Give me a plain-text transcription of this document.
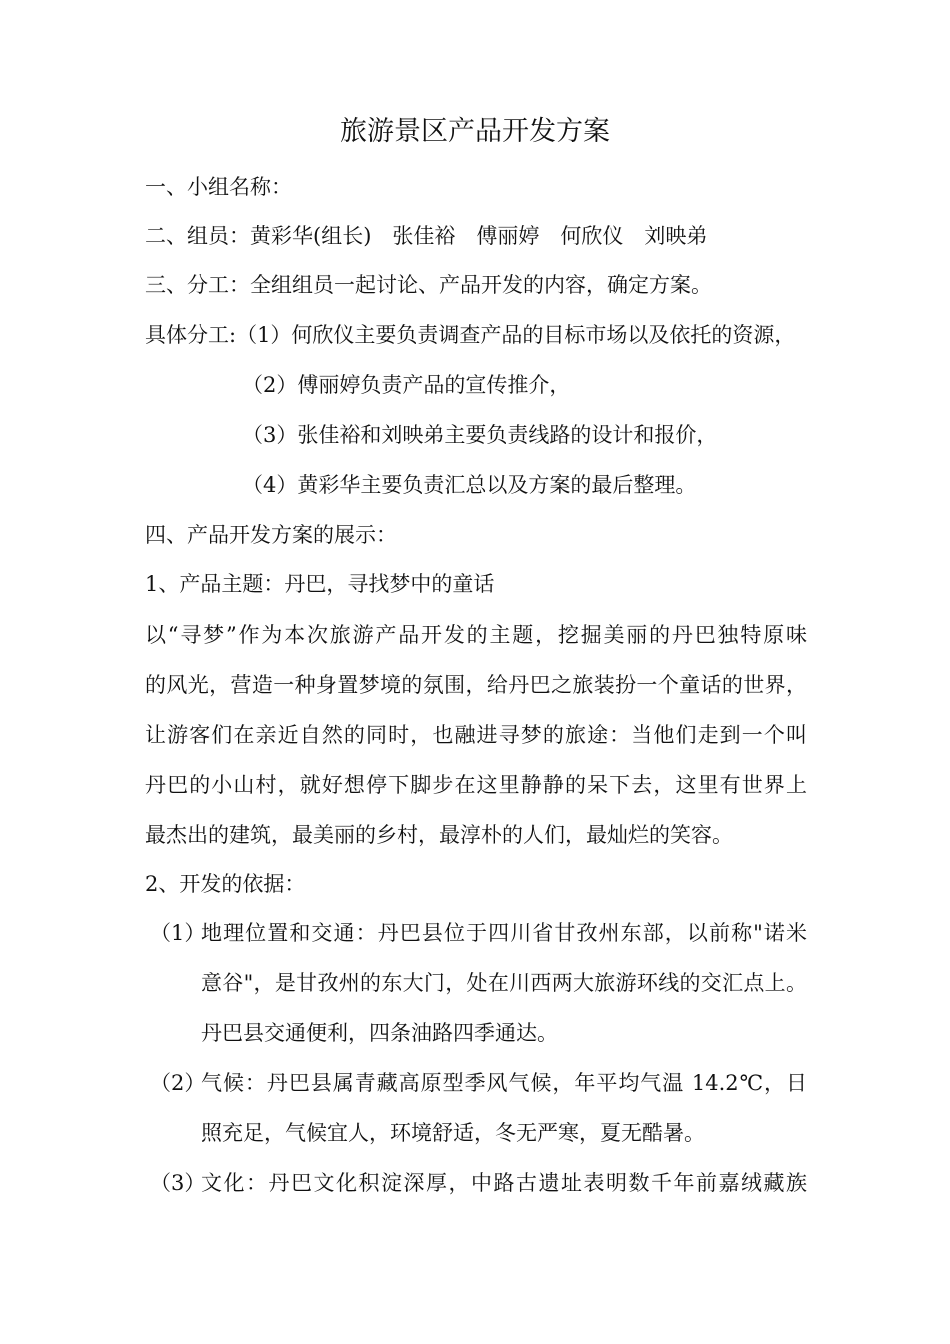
旅游景区产品开发方案
一、小组名称：
二、组员：黄彩华(组长)　张佳裕　傅丽婷　何欣仪　刘映弟
三、分工：全组组员一起讨论、产品开发的内容，确定方案。
具体分工:（1）何欣仪主要负责调查产品的目标市场以及依托的资源，
（2）傅丽婷负责产品的宣传推介，
（3）张佳裕和刘映弟主要负责线路的设计和报价，
（4）黄彩华主要负责汇总以及方案的最后整理。
四、产品开发方案的展示：
1、产品主题：丹巴，寻找梦中的童话
以“寻梦”作为本次旅游产品开发的主题，挖掘美丽的丹巴独特原味
的风光，营造一种身置梦境的氛围，给丹巴之旅装扮一个童话的世界，
让游客们在亲近自然的同时，也融进寻梦的旅途：当他们走到一个叫
丹巴的小山村，就好想停下脚步在这里静静的呆下去，这里有世界上
最杰出的建筑，最美丽的乡村，最淳朴的人们，最灿烂的笑容。
2、开发的依据：
（1）
地理位置和交通：丹巴县位于四川省甘孜州东部，以前称"诺米
意谷"，是甘孜州的东大门，处在川西两大旅游环线的交汇点上。
丹巴县交通便利，四条油路四季通达。
（2）
气候：丹巴县属青藏高原型季风气候，年平均气温 14.2℃，日
照充足，气候宜人，环境舒适，冬无严寒，夏无酷暑。
（3）
文化：丹巴文化积淀深厚，中路古遗址表明数千年前嘉绒藏族
